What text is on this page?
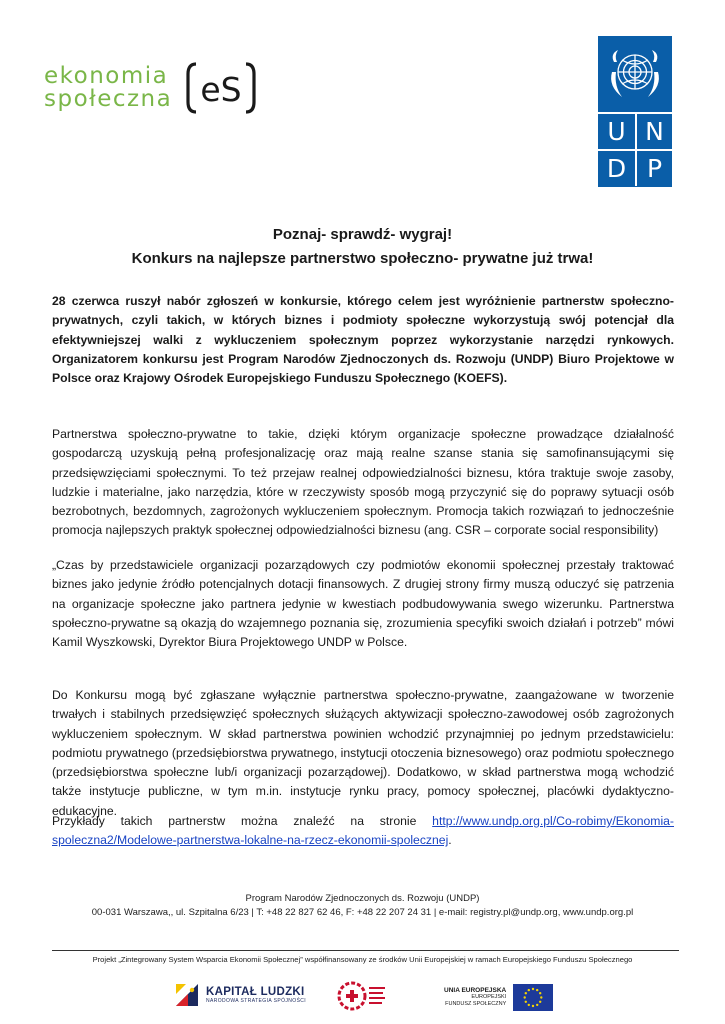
ekonomia
społeczna eS
U N
D P
Poznaj- sprawdź- wygraj!
Konkurs na najlepsze partnerstwo społeczno- prywatne już trwa!

28 czerwca ruszył nabór zgłoszeń w konkursie, którego celem jest wyróżnienie partnerstw społeczno-prywatnych, czyli takich, w których biznes i podmioty społeczne wykorzystują swój potencjał dla efektywniejszej walki z wykluczeniem społecznym poprzez wykorzystanie narzędzi rynkowych. Organizatorem konkursu jest Program Narodów Zjednoczonych ds. Rozwoju (UNDP) Biuro Projektowe w Polsce oraz Krajowy Ośrodek Europejskiego Funduszu Społecznego (KOEFS).

Partnerstwa społeczno-prywatne to takie, dzięki którym organizacje społeczne prowadzące działalność gospodarczą uzyskują pełną profesjonalizację oraz mają realne szanse stania się samofinansującymi się przedsięwzięciami społecznymi. To też przejaw realnej odpowiedzialności biznesu, która traktuje swoje zasoby, ludzkie i materialne, jako narzędzia, które w rzeczywisty sposób mogą przyczynić się do poprawy sytuacji osób bezrobotnych, bezdomnych, zagrożonych wykluczeniem społecznym. Promocja takich rozwiązań to jednocześnie promocja najlepszych praktyk społecznej odpowiedzialności biznesu (ang. CSR – corporate social responsibility)

„Czas by przedstawiciele organizacji pozarządowych czy podmiotów ekonomii społecznej przestały traktować biznes jako jedynie źródło potencjalnych dotacji finansowych. Z drugiej strony firmy muszą oduczyć się patrzenia na organizacje społeczne jako partnera jedynie w kwestiach podbudowywania swego wizerunku. Partnerstwa społeczno-prywatne są okazją do wzajemnego poznania się, zrozumienia specyfiki swoich działań i potrzeb” mówi Kamil Wyszkowski, Dyrektor Biura Projektowego UNDP w Polsce.

Do Konkursu mogą być zgłaszane wyłącznie partnerstwa społeczno-prywatne, zaangażowane w tworzenie trwałych i stabilnych przedsięwzięć społecznych służących aktywizacji społeczno-zawodowej osób zagrożonych wykluczeniem społecznym. W skład partnerstwa powinien wchodzić przynajmniej po jednym przedstawicielu: podmiotu prywatnego (przedsiębiorstwa prywatnego, instytucji otoczenia biznesowego) oraz podmiotu społecznego (przedsiębiorstwa społeczne lub/i organizacji pozarządowej). Dodatkowo, w skład partnerstwa mogą wchodzić także instytucje publiczne, w tym m.in. instytucje rynku pracy, pomocy społecznej, placówki dydaktyczno-edukacyjne.

Przykłady takich partnerstw można znaleźć na stronie http://www.undp.org.pl/Co-robimy/Ekonomia-spoleczna2/Modelowe-partnerstwa-lokalne-na-rzecz-ekonomii-spolecznej.

Program Narodów Zjednoczonych ds. Rozwoju (UNDP)
00-031 Warszawa,, ul. Szpitalna 6/23 | T: +48 22 827 62 46, F: +48 22 207 24 31 | e-mail: registry.pl@undp.org, www.undp.org.pl
Projekt „Zintegrowany System Wsparcia Ekonomii Społecznej” współfinansowany ze środków Unii Europejskiej w ramach Europejskiego Funduszu Społecznego
KAPITAŁ LUDZKI
NARODOWA STRATEGIA SPÓJNOŚCI
UNIA EUROPEJSKA
EUROPEJSKI
FUNDUSZ SPOŁECZNY
